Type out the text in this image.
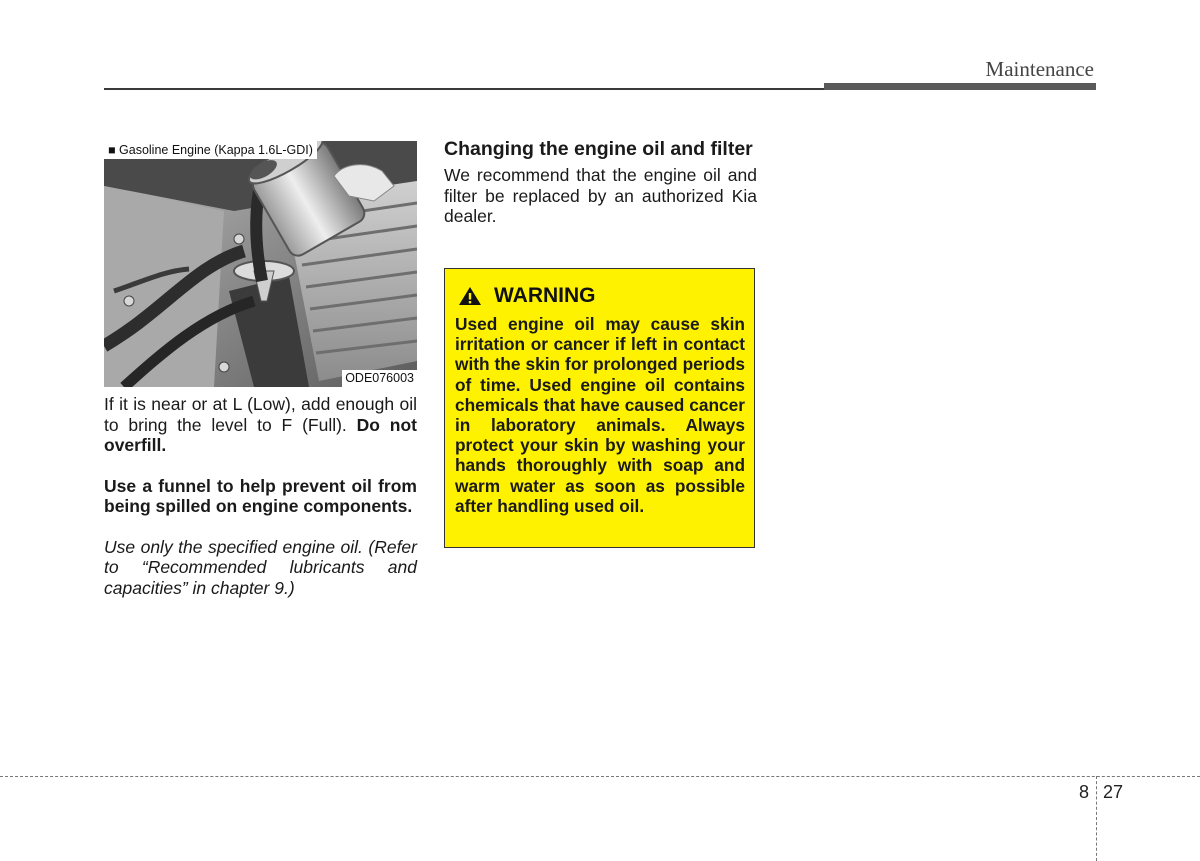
Maintenance
■ Gasoline Engine (Kappa 1.6L-GDI)
ODE076003

If it is near or at L (Low), add enough oil to bring the level to F (Full). Do not overfill.

Use a funnel to help prevent oil from being spilled on engine components.

Use only the specified engine oil. (Refer to “Recommended lubricants and capacities” in chapter 9.)

Changing the engine oil and filter

We recommend that the engine oil and filter be replaced by an authorized Kia dealer.

WARNING

Used engine oil may cause skin irritation or cancer if left in contact with the skin for prolonged periods of time. Used engine oil contains chemicals that have caused cancer in laboratory animals. Always protect your skin by washing your hands thoroughly with soap and warm water as soon as possible after handling used oil.

8 27
